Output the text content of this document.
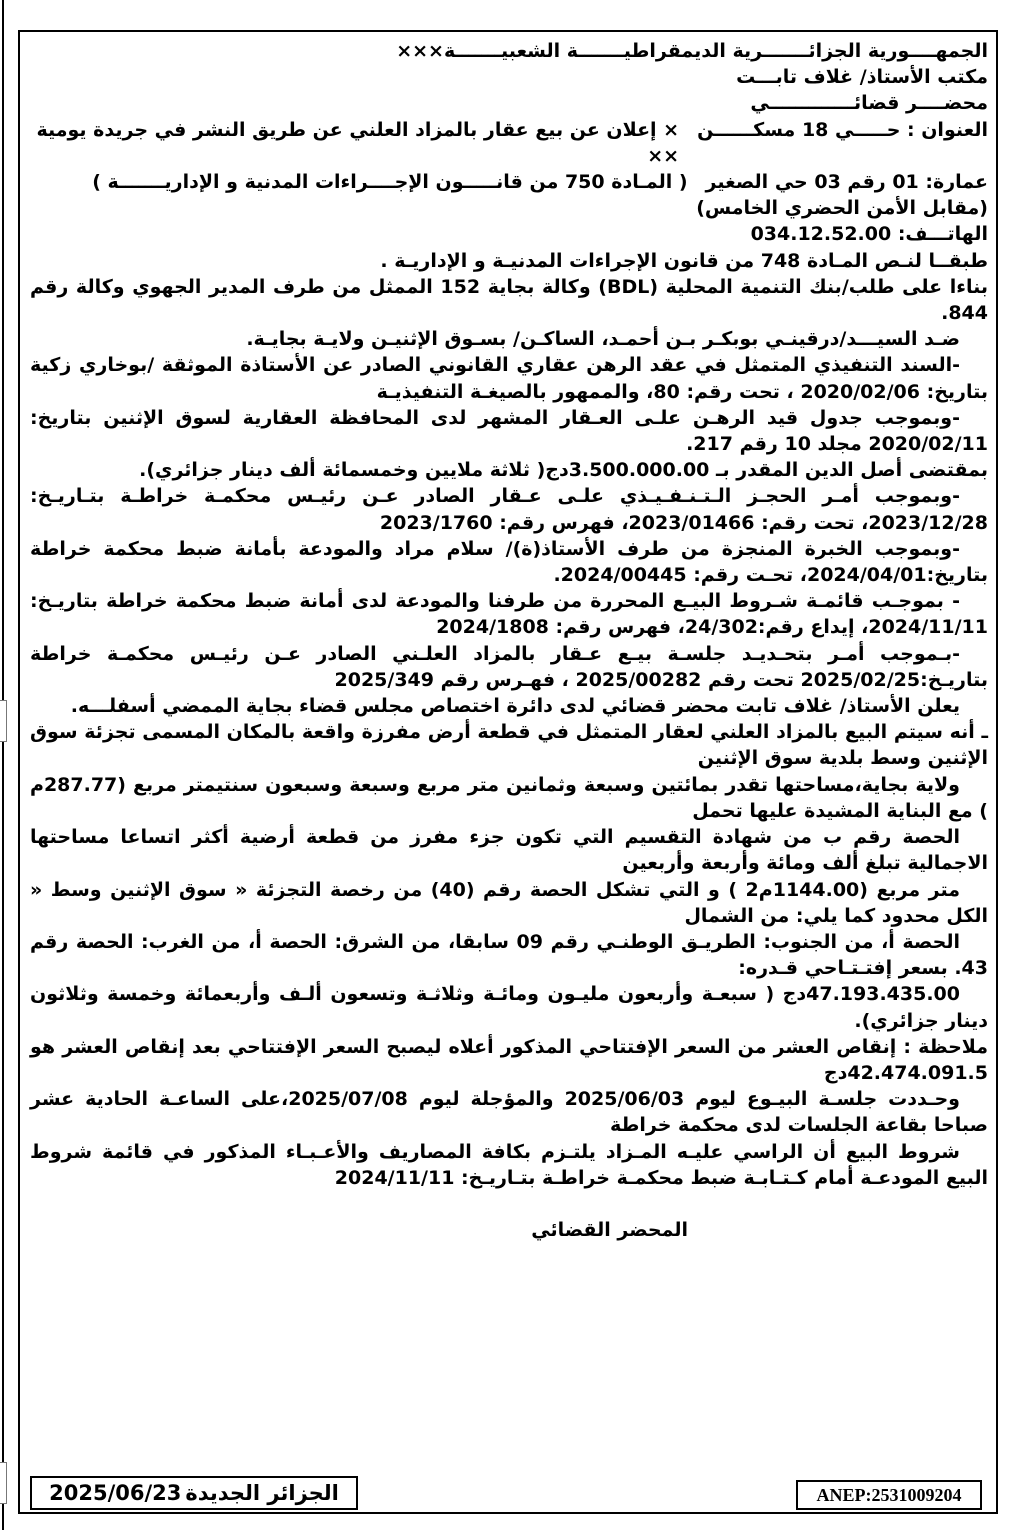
الجمهــــورية الجزائـــــــرية الديمقراطيـــــــة الشعبيـــــــة×××

مكتب الأستاذ/ غلاف تابـــت

محضــــر قضائـــــــــــــي

العنوان : حـــــي 18 مسكــــــن
× إعلان عن بيع عقار بالمزاد العلني عن طريق النشر في جريدة يومية ××
عمارة: 01 رقم 03 حي الصغير
( المـادة 750 من قانـــــون الإجــــراءات المدنية و الإداريـــــــة )

(مقابل الأمن الحضري الخامس)

الهاتـــف: 034.12.52.00

طبقــا لنـص المـادة 748 من قانون الإجراءات المدنيـة و الإداريـة .

بناءا على طلب/بنك التنمية المحلية (BDL) وكالة بجاية 152 الممثل من طرف المدير الجهوي وكالة رقم 844.

ضـد السيـــد/درقينـي بوبكـر بـن أحمـد، الساكـن/ بسـوق الإثنيـن ولايـة بجايـة.

-السند التنفيذي المتمثل في عقد الرهن عقاري القانوني الصادر عن الأستاذة الموثقة /بوخاري زكية بتاريخ: 2020/02/06 ، تحت رقم: 80، والممهور بالصيغـة التنفيذيـة

-وبموجب جدول قيد الرهـن علـى العـقار المشهر لدى المحافظة العقارية لسوق الإثنين بتاريخ: 2020/02/11 مجلد 10 رقم 217.

بمقتضى أصل الدين المقدر بـ 3.500.000.00دج( ثلاثة ملايين وخمسمائة ألف دينار جزائري).

-وبموجب أمـر الحجـز الـتـنـفـيـذي علـى عـقار الصادر عـن رئيـس محكمـة خراطـة بتـاريـخ: 2023/12/28، تحت رقم: 2023/01466، فهرس رقم: 2023/1760

-وبموجب الخبرة المنجزة من طرف الأستاذ(ة)/ سلام مراد والمودعة بأمانة ضبط محكمة خراطة بتاريخ:2024/04/01، تحـت رقم: 2024/00445.

- بموجـب قائمـة شـروط البيـع المحررة من طرفنا والمودعة لدى أمانة ضبط محكمة خراطة بتاريـخ: 2024/11/11، إيداع رقم:24/302، فهرس رقم: 2024/1808

-بـموجب أمـر بتحـديـد جلسـة بيـع عـقار بالمزاد العلـني الصادر عـن رئيـس محكمـة خراطة بتاريـخ:2025/02/25 تحت رقم 2025/00282 ، فهـرس رقم 2025/349

يعلن الأستاذ/ غلاف تابت محضر قضائي لدى دائرة اختصاص مجلس قضاء بجاية الممضي أسفلـــه.

ـ أنه سيتم البيع بالمزاد العلني لعقار المتمثل في قطعة أرض مفرزة واقعة بالمكان المسمى تجزئة سوق الإثنين وسط بلدية سوق الإثنين

ولاية بجاية،مساحتها تقدر بمائتين وسبعة وثمانين متر مربع وسبعة وسبعون سنتيمتر مربع (287.77م ) مع البناية المشيدة عليها تحمل

الحصة رقم ب من شهادة التقسيم التي تكون جزء مفرز من قطعة أرضية أكثر اتساعا مساحتها الاجمالية تبلغ ألف ومائة وأربعة وأربعين

متر مربع (1144.00م2 ) و التي تشكل الحصة رقم (40) من رخصة التجزئة « سوق الإثنين وسط « الكل محدود كما يلي: من الشمال

الحصة أ، من الجنوب: الطريـق الوطنـي رقم 09 سابقا، من الشرق: الحصة أ، من الغرب: الحصة رقم 43. بسعر إفتـتـاحي قـدره:

47.193.435.00دج ( سبعـة وأربعون مليـون ومائـة وثلاثـة وتسعون ألـف وأربعمائة وخمسة وثلاثون دينار جزائري).

ملاحظة : إنقاص العشر من السعر الإفتتاحي المذكور أعلاه ليصبح السعر الإفتتاحي بعد إنقاص العشر هو 42.474.091.5دج

وحـددت جلسـة البيـوع ليوم 2025/06/03 والمؤجلة ليوم 2025/07/08،على الساعـة الحادية عشر صباحا بقاعة الجلسات لدى محكمة خراطة

شروط البيع أن الراسي عليـه المـزاد يلتـزم بكافة المصاريف والأعـبـاء المذكور في قائمة شروط البيع المودعـة أمام كـتـابـة ضبط محكمـة خراطـة بتـاريـخ: 2024/11/11

المحضر القضائي

الجزائر الجديدة
2025/06/23	ANEP:2531009204
